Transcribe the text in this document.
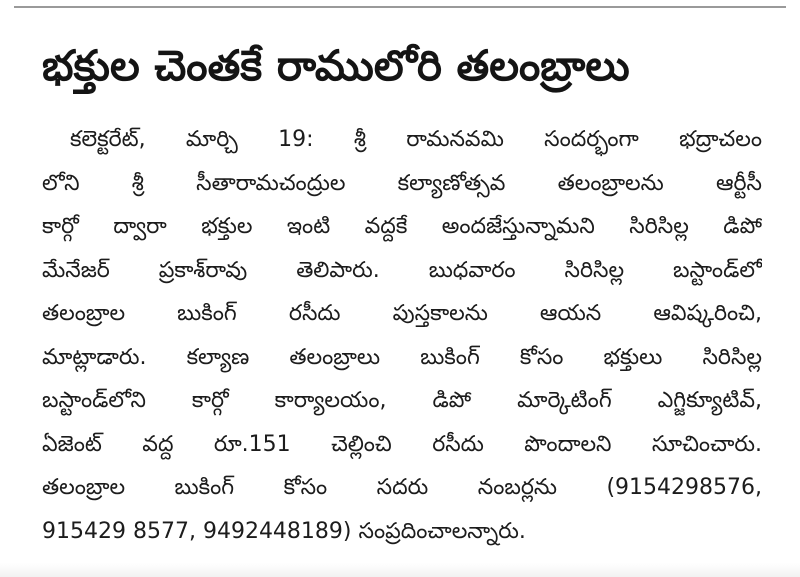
భక్తుల చెంతకే రాములోరి తలంబ్రాలు
కలెక్టరేట్‌, మార్చి 19: శ్రీ రామనవమి సందర్భంగా భద్రాచలం
లోని శ్రీ సీతారామచంద్రుల కల్యాణోత్సవ తలంబ్రాలను ఆర్టీసీ
కార్గో ద్వారా భక్తుల ఇంటి వద్దకే అందజేస్తున్నామని సిరిసిల్ల డిపో
మేనేజర్‌ ప్రకాశ్‌రావు తెలిపారు. బుధవారం సిరిసిల్ల బస్టాండ్‌లో
తలంబ్రాల బుకింగ్‌ రసీదు పుస్తకాలను ఆయన ఆవిష్కరించి,
మాట్లాడారు. కల్యాణ తలంబ్రాలు బుకింగ్‌ కోసం భక్తులు సిరిసిల్ల
బస్టాండ్‌లోని కార్గో కార్యాలయం, డిపో మార్కెటింగ్‌ ఎగ్జిక్యూటివ్‌,
ఏజెంట్‌ వద్ద రూ.151 చెల్లించి రసీదు పొందాలని సూచించారు.
తలంబ్రాల బుకింగ్‌ కోసం సదరు నంబర్లను (9154298576,
915429 8577, 9492448189) సంప్రదించాలన్నారు.
